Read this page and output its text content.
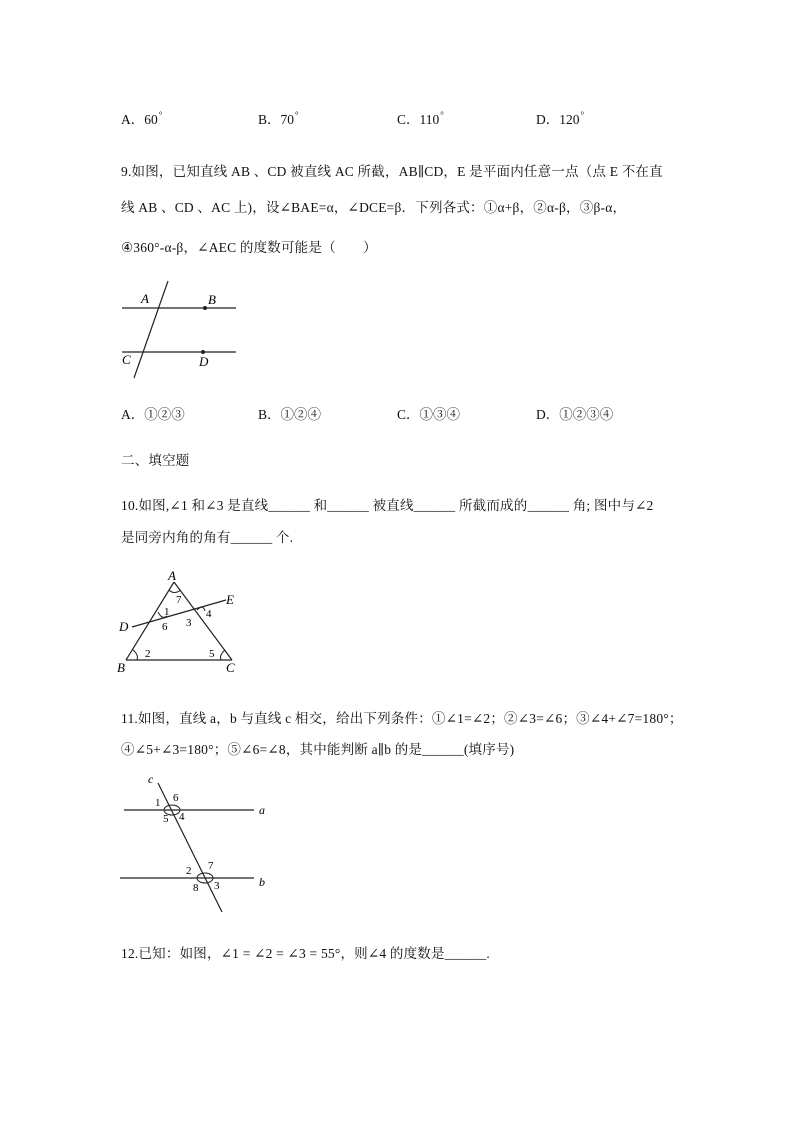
A．60°	B．70°	C．110°	D．120°
9.如图，已知直线 AB 、CD 被直线 AC 所截，AB∥CD，E 是平面内任意一点（点 E 不在直
线 AB 、CD 、AC 上)，设∠BAE=α，∠DCE=β．下列各式：①α+β，②α-β，③β-α，
④360°-α-β，∠AEC 的度数可能是（　　）
A	B
C	D
A
B	C
D
E
7
1	4
6 3
2	5
c
a
b
1 6
5 4
2 7
8 3
A．①②③	B．①②④	C．①③④	D．①②③④
二、填空题
10.如图,∠1 和∠3 是直线______ 和______ 被直线______ 所截而成的______ 角; 图中与∠2
是同旁内角的角有______ 个.
11.如图，直线 a，b 与直线 c 相交，给出下列条件：①∠1=∠2；②∠3=∠6；③∠4+∠7=180°；
④∠5+∠3=180°；⑤∠6=∠8，其中能判断 a∥b 的是______(填序号)
12.已知：如图，∠1 = ∠2 = ∠3 = 55°，则∠4 的度数是______.
